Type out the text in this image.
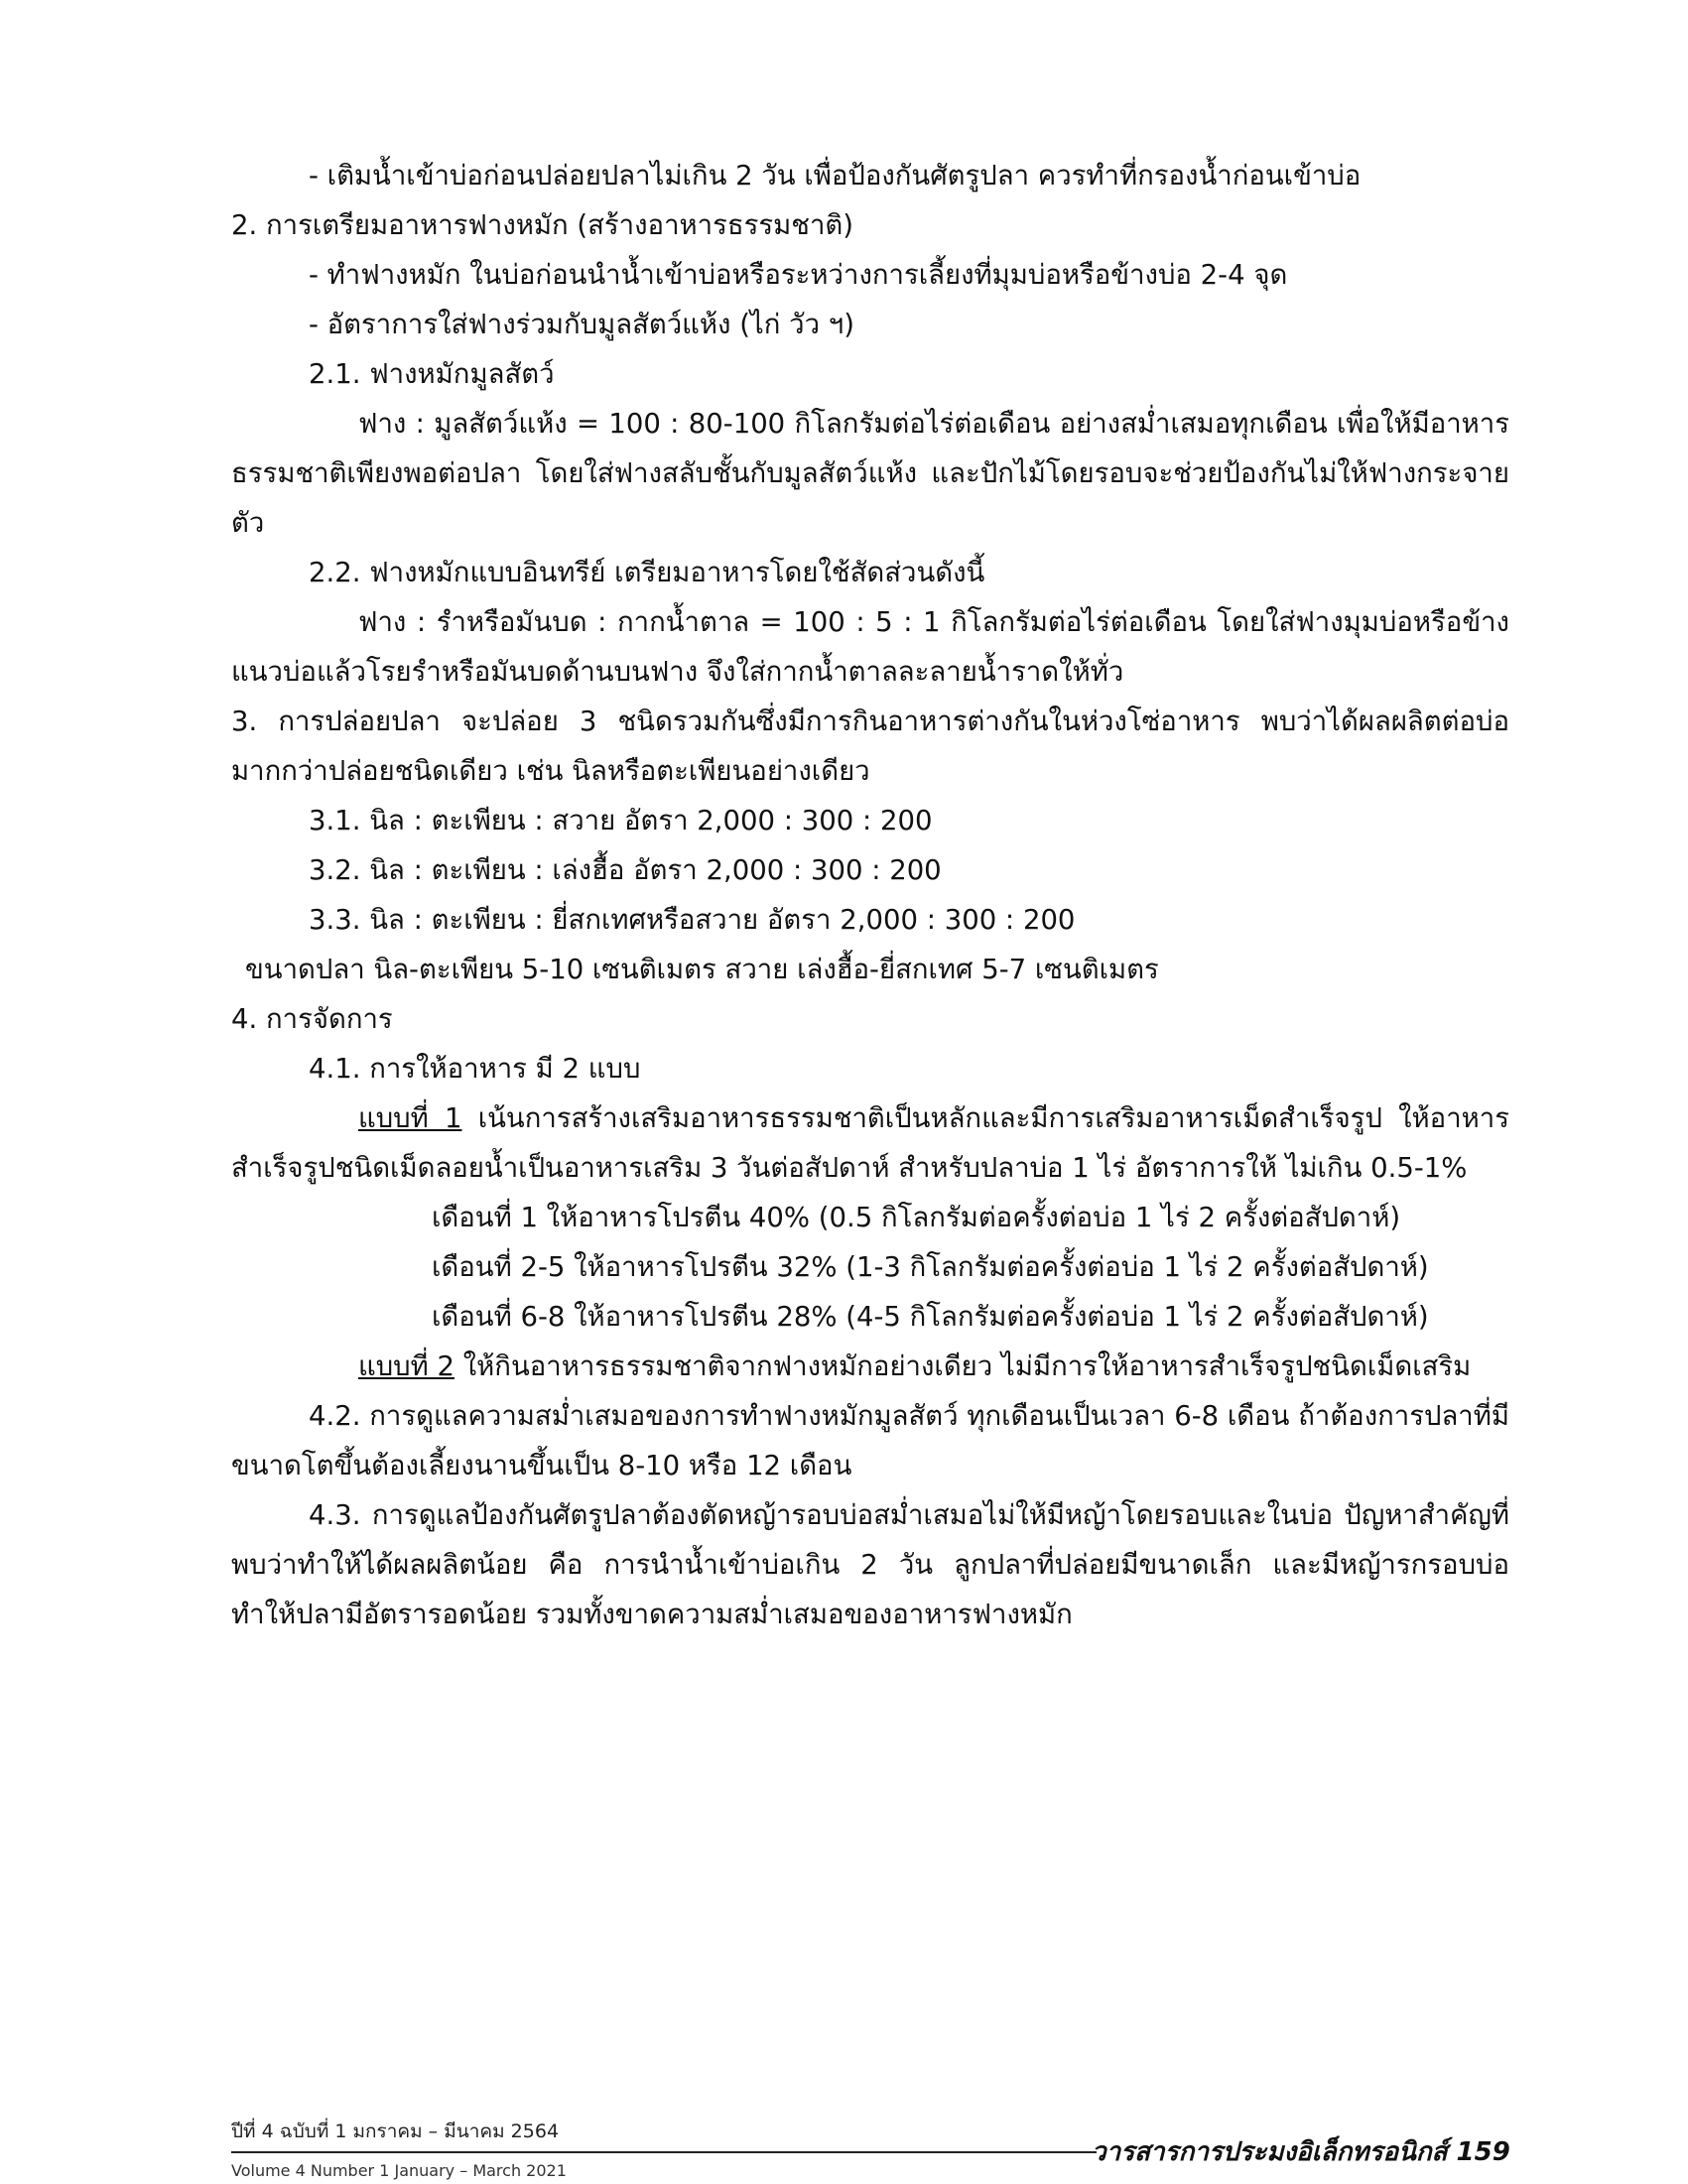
- เติมน้ำเข้าบ่อก่อนปล่อยปลาไม่เกิน 2 วัน เพื่อป้องกันศัตรูปลา ควรทำที่กรองน้ำก่อนเข้าบ่อ

2. การเตรียมอาหารฟางหมัก (สร้างอาหารธรรมชาติ)

- ทำฟางหมัก ในบ่อก่อนนำน้ำเข้าบ่อหรือระหว่างการเลี้ยงที่มุมบ่อหรือข้างบ่อ 2-4 จุด

- อัตราการใส่ฟางร่วมกับมูลสัตว์แห้ง (ไก่ วัว ฯ)

2.1. ฟางหมักมูลสัตว์

ฟาง : มูลสัตว์แห้ง = 100 : 80-100 กิโลกรัมต่อไร่ต่อเดือน อย่างสม่ำเสมอทุกเดือน เพื่อให้มีอาหารธรรมชาติเพียงพอต่อปลา โดยใส่ฟางสลับชั้นกับมูลสัตว์แห้ง และปักไม้โดยรอบจะช่วยป้องกันไม่ให้ฟางกระจายตัว

2.2. ฟางหมักแบบอินทรีย์ เตรียมอาหารโดยใช้สัดส่วนดังนี้

ฟาง : รำหรือมันบด : กากน้ำตาล = 100 : 5 : 1 กิโลกรัมต่อไร่ต่อเดือน โดยใส่ฟางมุมบ่อหรือข้างแนวบ่อแล้วโรยรำหรือมันบดด้านบนฟาง จึงใส่กากน้ำตาลละลายน้ำราดให้ทั่ว

3. การปล่อยปลา จะปล่อย 3 ชนิดรวมกันซึ่งมีการกินอาหารต่างกันในห่วงโซ่อาหาร พบว่าได้ผลผลิตต่อบ่อมากกว่าปล่อยชนิดเดียว เช่น นิลหรือตะเพียนอย่างเดียว

3.1. นิล : ตะเพียน : สวาย อัตรา 2,000 : 300 : 200

3.2. นิล : ตะเพียน : เล่งฮื้อ อัตรา 2,000 : 300 : 200

3.3. นิล : ตะเพียน : ยี่สกเทศหรือสวาย อัตรา 2,000 : 300 : 200

ขนาดปลา นิล-ตะเพียน 5-10 เซนติเมตร สวาย เล่งฮื้อ-ยี่สกเทศ 5-7 เซนติเมตร

4. การจัดการ

4.1. การให้อาหาร มี 2 แบบ

แบบที่ 1 เน้นการสร้างเสริมอาหารธรรมชาติเป็นหลักและมีการเสริมอาหารเม็ดสำเร็จรูป ให้อาหารสำเร็จรูปชนิดเม็ดลอยน้ำเป็นอาหารเสริม 3 วันต่อสัปดาห์ สำหรับปลาบ่อ 1 ไร่ อัตราการให้ ไม่เกิน 0.5-1%

เดือนที่ 1 ให้อาหารโปรตีน 40% (0.5 กิโลกรัมต่อครั้งต่อบ่อ 1 ไร่ 2 ครั้งต่อสัปดาห์)

เดือนที่ 2-5 ให้อาหารโปรตีน 32% (1-3 กิโลกรัมต่อครั้งต่อบ่อ 1 ไร่ 2 ครั้งต่อสัปดาห์)

เดือนที่ 6-8 ให้อาหารโปรตีน 28% (4-5 กิโลกรัมต่อครั้งต่อบ่อ 1 ไร่ 2 ครั้งต่อสัปดาห์)

แบบที่ 2 ให้กินอาหารธรรมชาติจากฟางหมักอย่างเดียว ไม่มีการให้อาหารสำเร็จรูปชนิดเม็ดเสริม

4.2. การดูแลความสม่ำเสมอของการทำฟางหมักมูลสัตว์ ทุกเดือนเป็นเวลา 6-8 เดือน ถ้าต้องการปลาที่มีขนาดโตขึ้นต้องเลี้ยงนานขึ้นเป็น 8-10 หรือ 12 เดือน

4.3. การดูแลป้องกันศัตรูปลาต้องตัดหญ้ารอบบ่อสม่ำเสมอไม่ให้มีหญ้าโดยรอบและในบ่อ ปัญหาสำคัญที่พบว่าทำให้ได้ผลผลิตน้อย คือ การนำน้ำเข้าบ่อเกิน 2 วัน ลูกปลาที่ปล่อยมีขนาดเล็ก และมีหญ้ารกรอบบ่อ ทำให้ปลามีอัตรารอดน้อย รวมทั้งขาดความสม่ำเสมอของอาหารฟางหมัก

ปีที่ 4 ฉบับที่ 1 มกราคม – มีนาคม 2564
Volume 4 Number 1 January – March 2021
วารสารการประมงอิเล็กทรอนิกส์ 159
